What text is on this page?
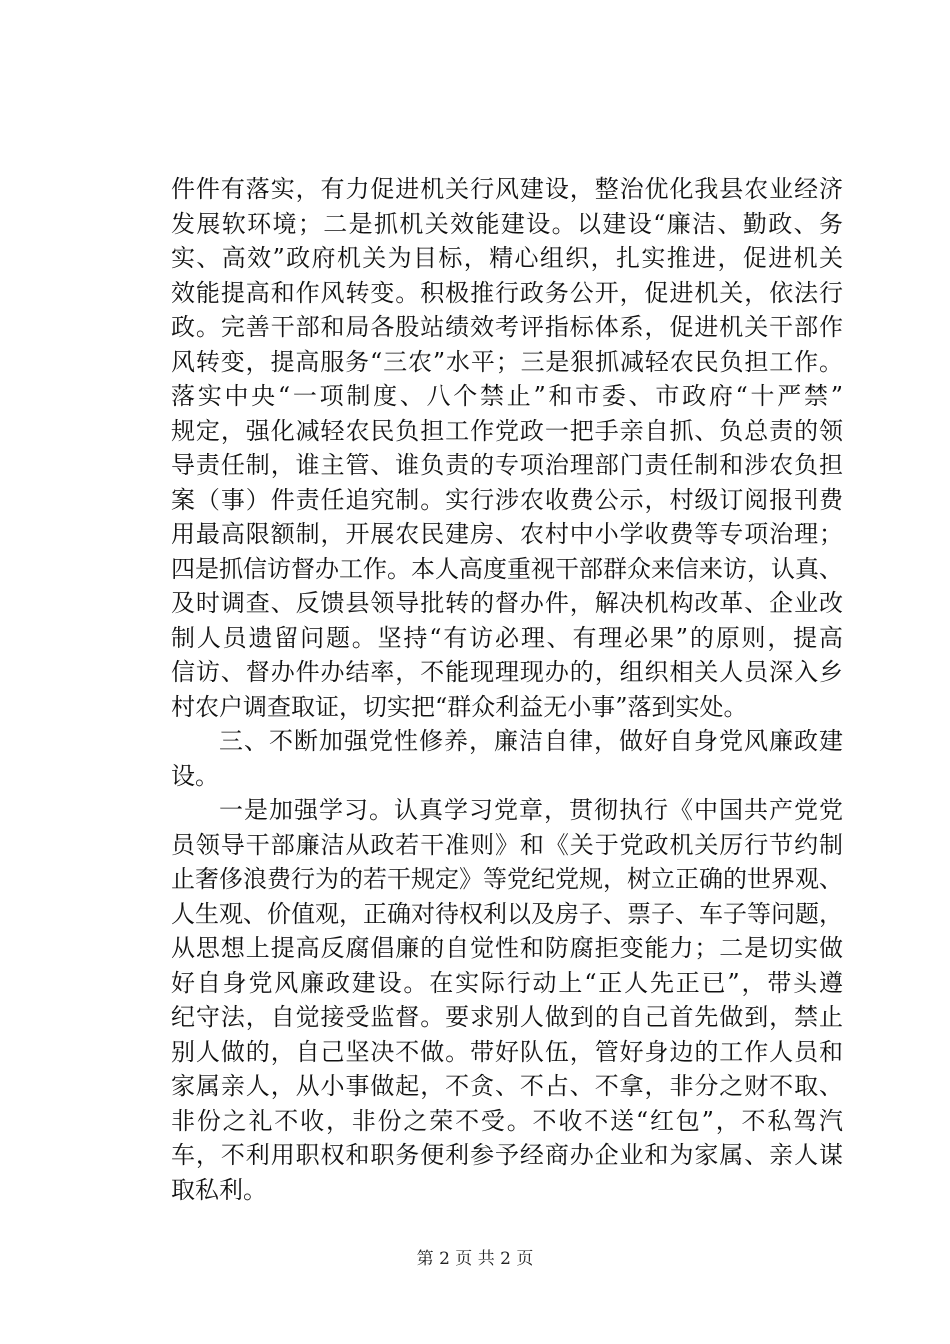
件件有落实，有力促进机关行风建设，整治优化我县农业经济
发展软环境；二是抓机关效能建设。以建设“廉洁、勤政、务
实、高效”政府机关为目标，精心组织，扎实推进，促进机关
效能提高和作风转变。积极推行政务公开，促进机关，依法行
政。完善干部和局各股站绩效考评指标体系，促进机关干部作
风转变，提高服务“三农”水平；三是狠抓减轻农民负担工作。
落实中央“一项制度、八个禁止”和市委、市政府“十严禁”
规定，强化减轻农民负担工作党政一把手亲自抓、负总责的领
导责任制，谁主管、谁负责的专项治理部门责任制和涉农负担
案（事）件责任追究制。实行涉农收费公示，村级订阅报刊费
用最高限额制，开展农民建房、农村中小学收费等专项治理；
四是抓信访督办工作。本人高度重视干部群众来信来访，认真、
及时调查、反馈县领导批转的督办件，解决机构改革、企业改
制人员遗留问题。坚持“有访必理、有理必果”的原则，提高
信访、督办件办结率，不能现理现办的，组织相关人员深入乡
村农户调查取证，切实把“群众利益无小事”落到实处。
三、不断加强党性修养，廉洁自律，做好自身党风廉政建
设。
一是加强学习。认真学习党章，贯彻执行《中国共产党党
员领导干部廉洁从政若干准则》和《关于党政机关厉行节约制
止奢侈浪费行为的若干规定》等党纪党规，树立正确的世界观、
人生观、价值观，正确对待权利以及房子、票子、车子等问题，
从思想上提高反腐倡廉的自觉性和防腐拒变能力；二是切实做
好自身党风廉政建设。在实际行动上“正人先正已”，带头遵
纪守法，自觉接受监督。要求别人做到的自己首先做到，禁止
别人做的，自己坚决不做。带好队伍，管好身边的工作人员和
家属亲人，从小事做起，不贪、不占、不拿，非分之财不取、
非份之礼不收，非份之荣不受。不收不送“红包”，不私驾汽
车，不利用职权和职务便利参予经商办企业和为家属、亲人谋
取私利。
第 2 页 共 2 页
